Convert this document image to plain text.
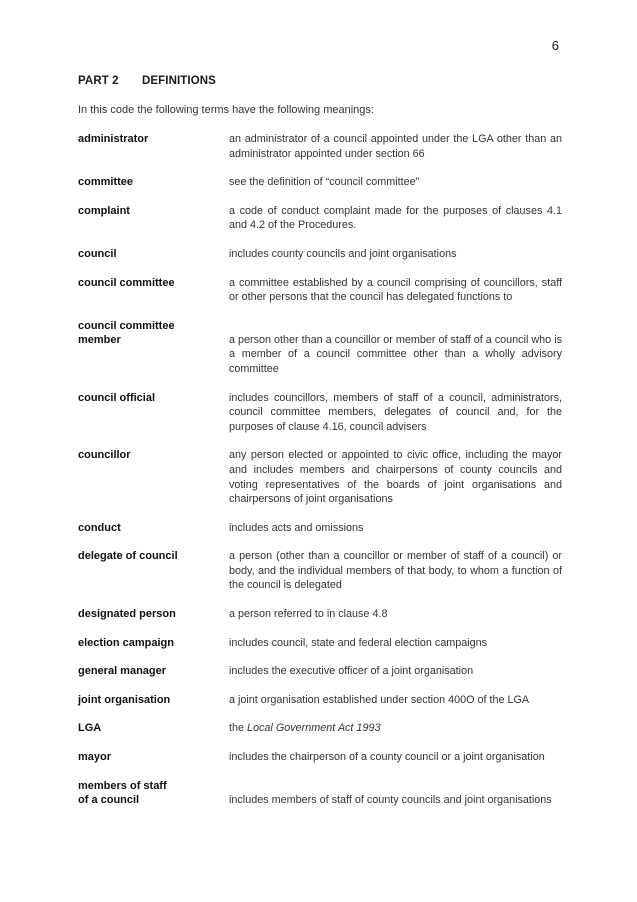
6
PART 2 DEFINITIONS
In this code the following terms have the following meanings:
administrator	an administrator of a council appointed under the LGA other than an administrator appointed under section 66
committee	see the definition of “council committee”
complaint	a code of conduct complaint made for the purposes of clauses 4.1 and 4.2 of the Procedures.
council	includes county councils and joint organisations
council committee	a committee established by a council comprising of councillors, staff or other persons that the council has delegated functions to
council committee
member	a person other than a councillor or member of staff of a council who is a member of a council committee other than a wholly advisory committee
council official	includes councillors, members of staff of a council, administrators, council committee members, delegates of council and, for the purposes of clause 4.16, council advisers
councillor	any person elected or appointed to civic office, including the mayor and includes members and chairpersons of county councils and voting representatives of the boards of joint organisations and chairpersons of joint organisations
conduct	includes acts and omissions
delegate of council	a person (other than a councillor or member of staff of a council) or body, and the individual members of that body, to whom a function of the council is delegated
designated person	a person referred to in clause 4.8
election campaign	includes council, state and federal election campaigns
general manager	includes the executive officer of a joint organisation
joint organisation	a joint organisation established under section 400O of the LGA
LGA	the Local Government Act 1993
mayor	includes the chairperson of a county council or a joint organisation
members of staff
of a council	includes members of staff of county councils and joint organisations
